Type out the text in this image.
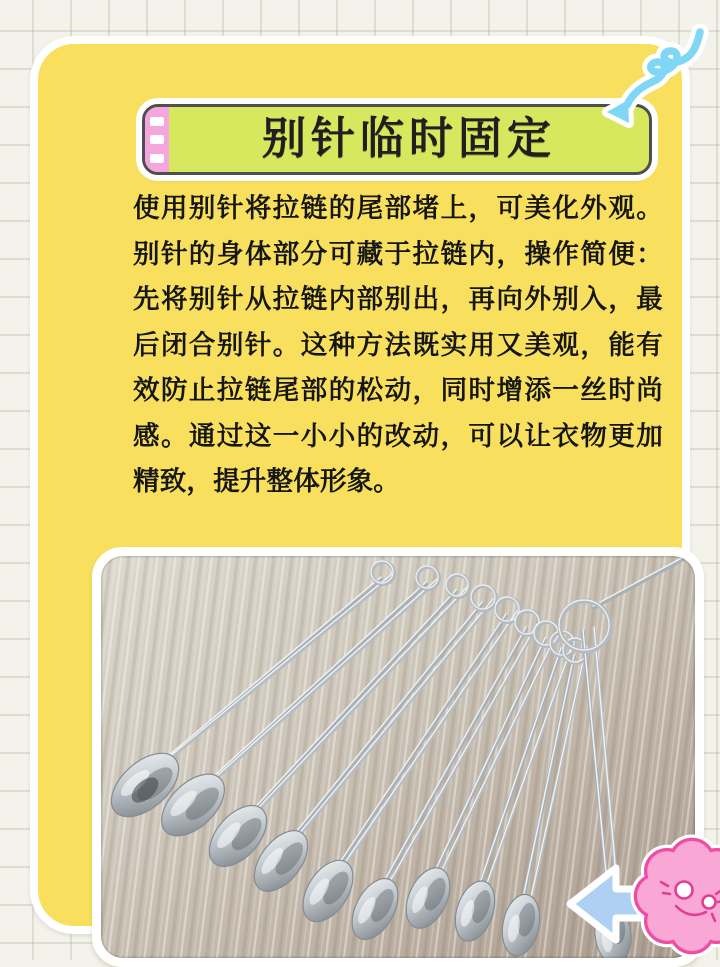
别针临时固定
使用别针将拉链的尾部堵上，可美化外观。别针的身体部分可藏于拉链内，操作简便：先将别针从拉链内部别出，再向外别入，最后闭合别针。这种方法既实用又美观，能有效防止拉链尾部的松动，同时增添一丝时尚感。通过这一小小的改动，可以让衣物更加精致，提升整体形象。
